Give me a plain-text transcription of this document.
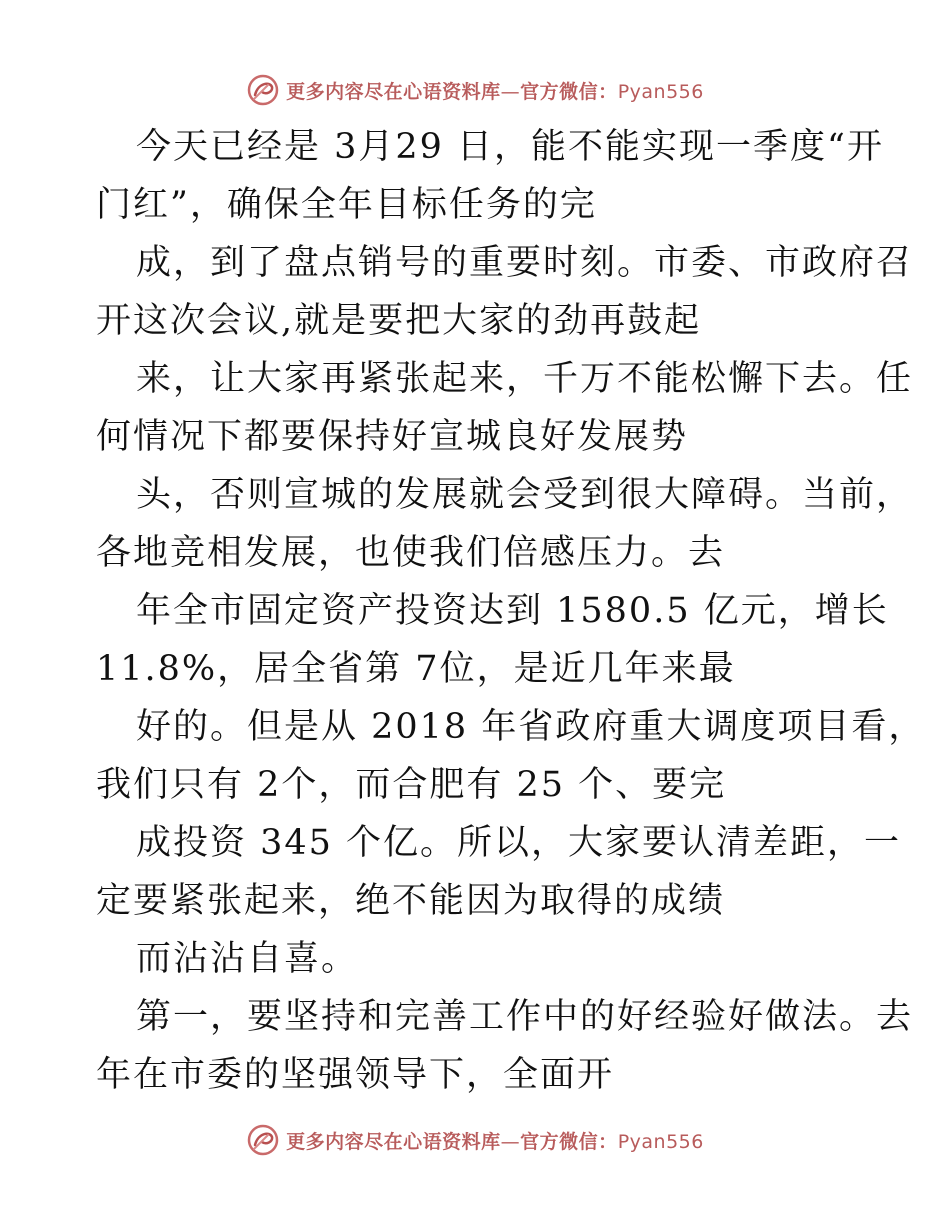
更多内容尽在心语资料库—官方微信：Pyan556
今天已经是 3月29 日，能不能实现一季度“开
门红”，确保全年目标任务的完
成，到了盘点销号的重要时刻。市委、市政府召
开这次会议,就是要把大家的劲再鼓起
来，让大家再紧张起来，千万不能松懈下去。任
何情况下都要保持好宣城良好发展势
头，否则宣城的发展就会受到很大障碍。当前，
各地竞相发展，也使我们倍感压力。去
年全市固定资产投资达到 1580.5 亿元，增长
11.8%，居全省第 7位，是近几年来最
好的。但是从 2018 年省政府重大调度项目看，
我们只有 2个，而合肥有 25 个、要完
成投资 345 个亿。所以，大家要认清差距，一
定要紧张起来，绝不能因为取得的成绩
而沾沾自喜。
第一，要坚持和完善工作中的好经验好做法。去
年在市委的坚强领导下，全面开
更多内容尽在心语资料库—官方微信：Pyan556
